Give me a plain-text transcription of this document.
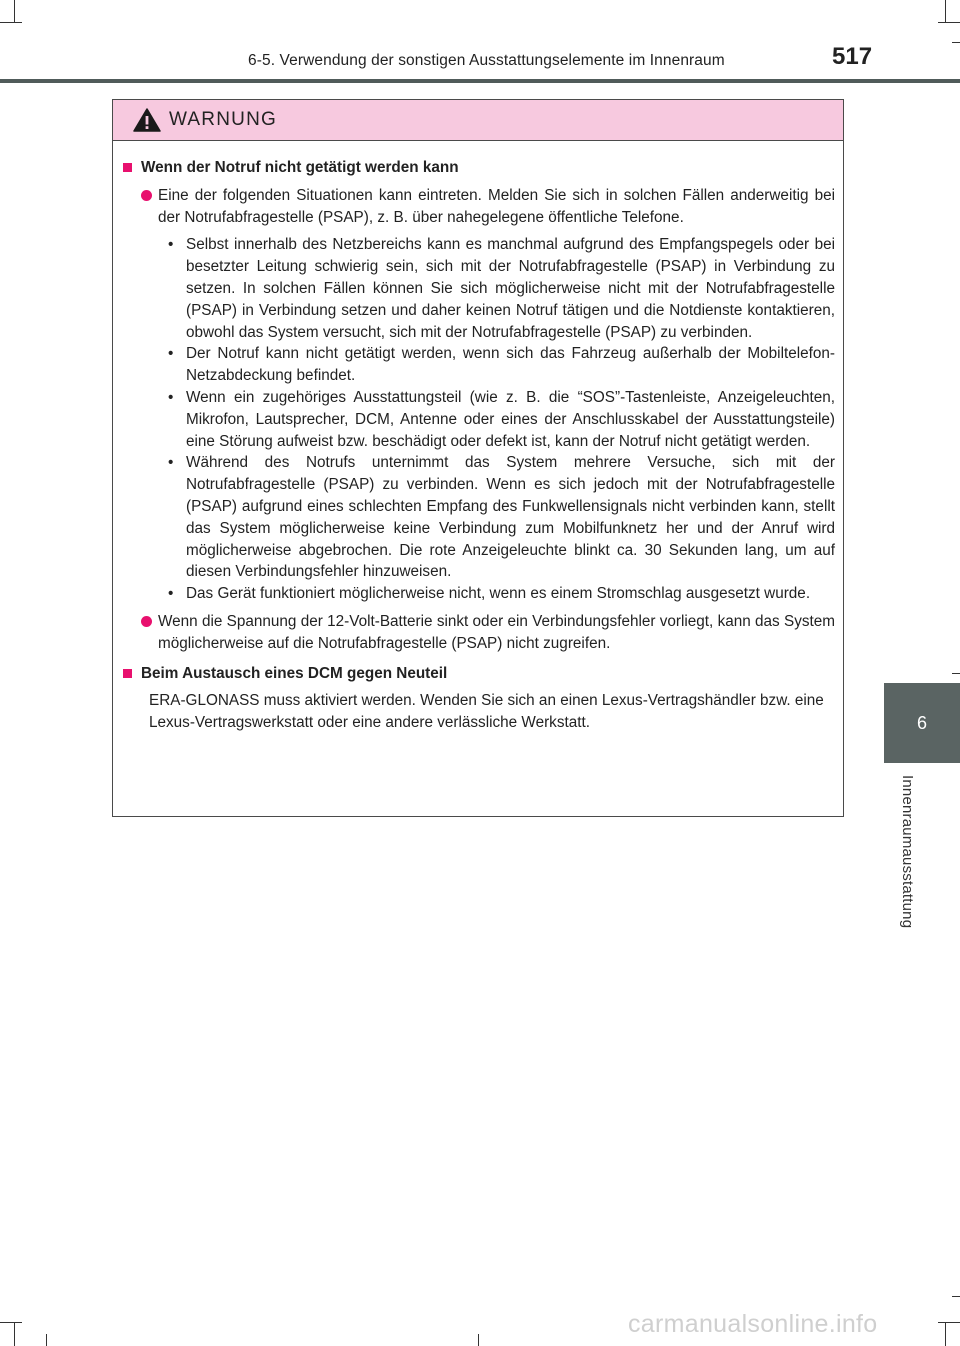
6-5. Verwendung der sonstigen Ausstattungselemente im Innenraum	517
6
Innenraumausstattung
WARNUNG
Wenn der Notruf nicht getätigt werden kann
Eine der folgenden Situationen kann eintreten. Melden Sie sich in solchen Fällen anderweitig bei der Notrufabfragestelle (PSAP), z. B. über nahegelegene öffentliche Telefone.
• Selbst innerhalb des Netzbereichs kann es manchmal aufgrund des Empfangspegels oder bei besetzter Leitung schwierig sein, sich mit der Notrufabfragestelle (PSAP) in Verbindung zu setzen. In solchen Fällen können Sie sich möglicherweise nicht mit der Notrufabfragestelle (PSAP) in Verbindung setzen und daher keinen Notruf tätigen und die Notdienste kontaktieren, obwohl das System versucht, sich mit der Notrufabfragestelle (PSAP) zu verbinden.
• Der Notruf kann nicht getätigt werden, wenn sich das Fahrzeug außerhalb der Mobiltelefon-Netzabdeckung befindet.
• Wenn ein zugehöriges Ausstattungsteil (wie z. B. die “SOS”-Tastenleiste, Anzeigeleuchten, Mikrofon, Lautsprecher, DCM, Antenne oder eines der Anschlusskabel der Ausstattungsteile) eine Störung aufweist bzw. beschädigt oder defekt ist, kann der Notruf nicht getätigt werden.
• Während des Notrufs unternimmt das System mehrere Versuche, sich mit der Notrufabfragestelle (PSAP) zu verbinden. Wenn es sich jedoch mit der Notrufabfragestelle (PSAP) aufgrund eines schlechten Empfang des Funkwellensignals nicht verbinden kann, stellt das System möglicherweise keine Verbindung zum Mobilfunknetz her und der Anruf wird möglicherweise abgebrochen. Die rote Anzeigeleuchte blinkt ca. 30 Sekunden lang, um auf diesen Verbindungsfehler hinzuweisen.
• Das Gerät funktioniert möglicherweise nicht, wenn es einem Stromschlag ausgesetzt wurde.
Wenn die Spannung der 12-Volt-Batterie sinkt oder ein Verbindungsfehler vorliegt, kann das System möglicherweise auf die Notrufabfragestelle (PSAP) nicht zugreifen.
Beim Austausch eines DCM gegen Neuteil
ERA-GLONASS muss aktiviert werden. Wenden Sie sich an einen Lexus-Vertragshändler bzw. eine Lexus-Vertragswerkstatt oder eine andere verlässliche Werkstatt.
carmanualsonline.info
